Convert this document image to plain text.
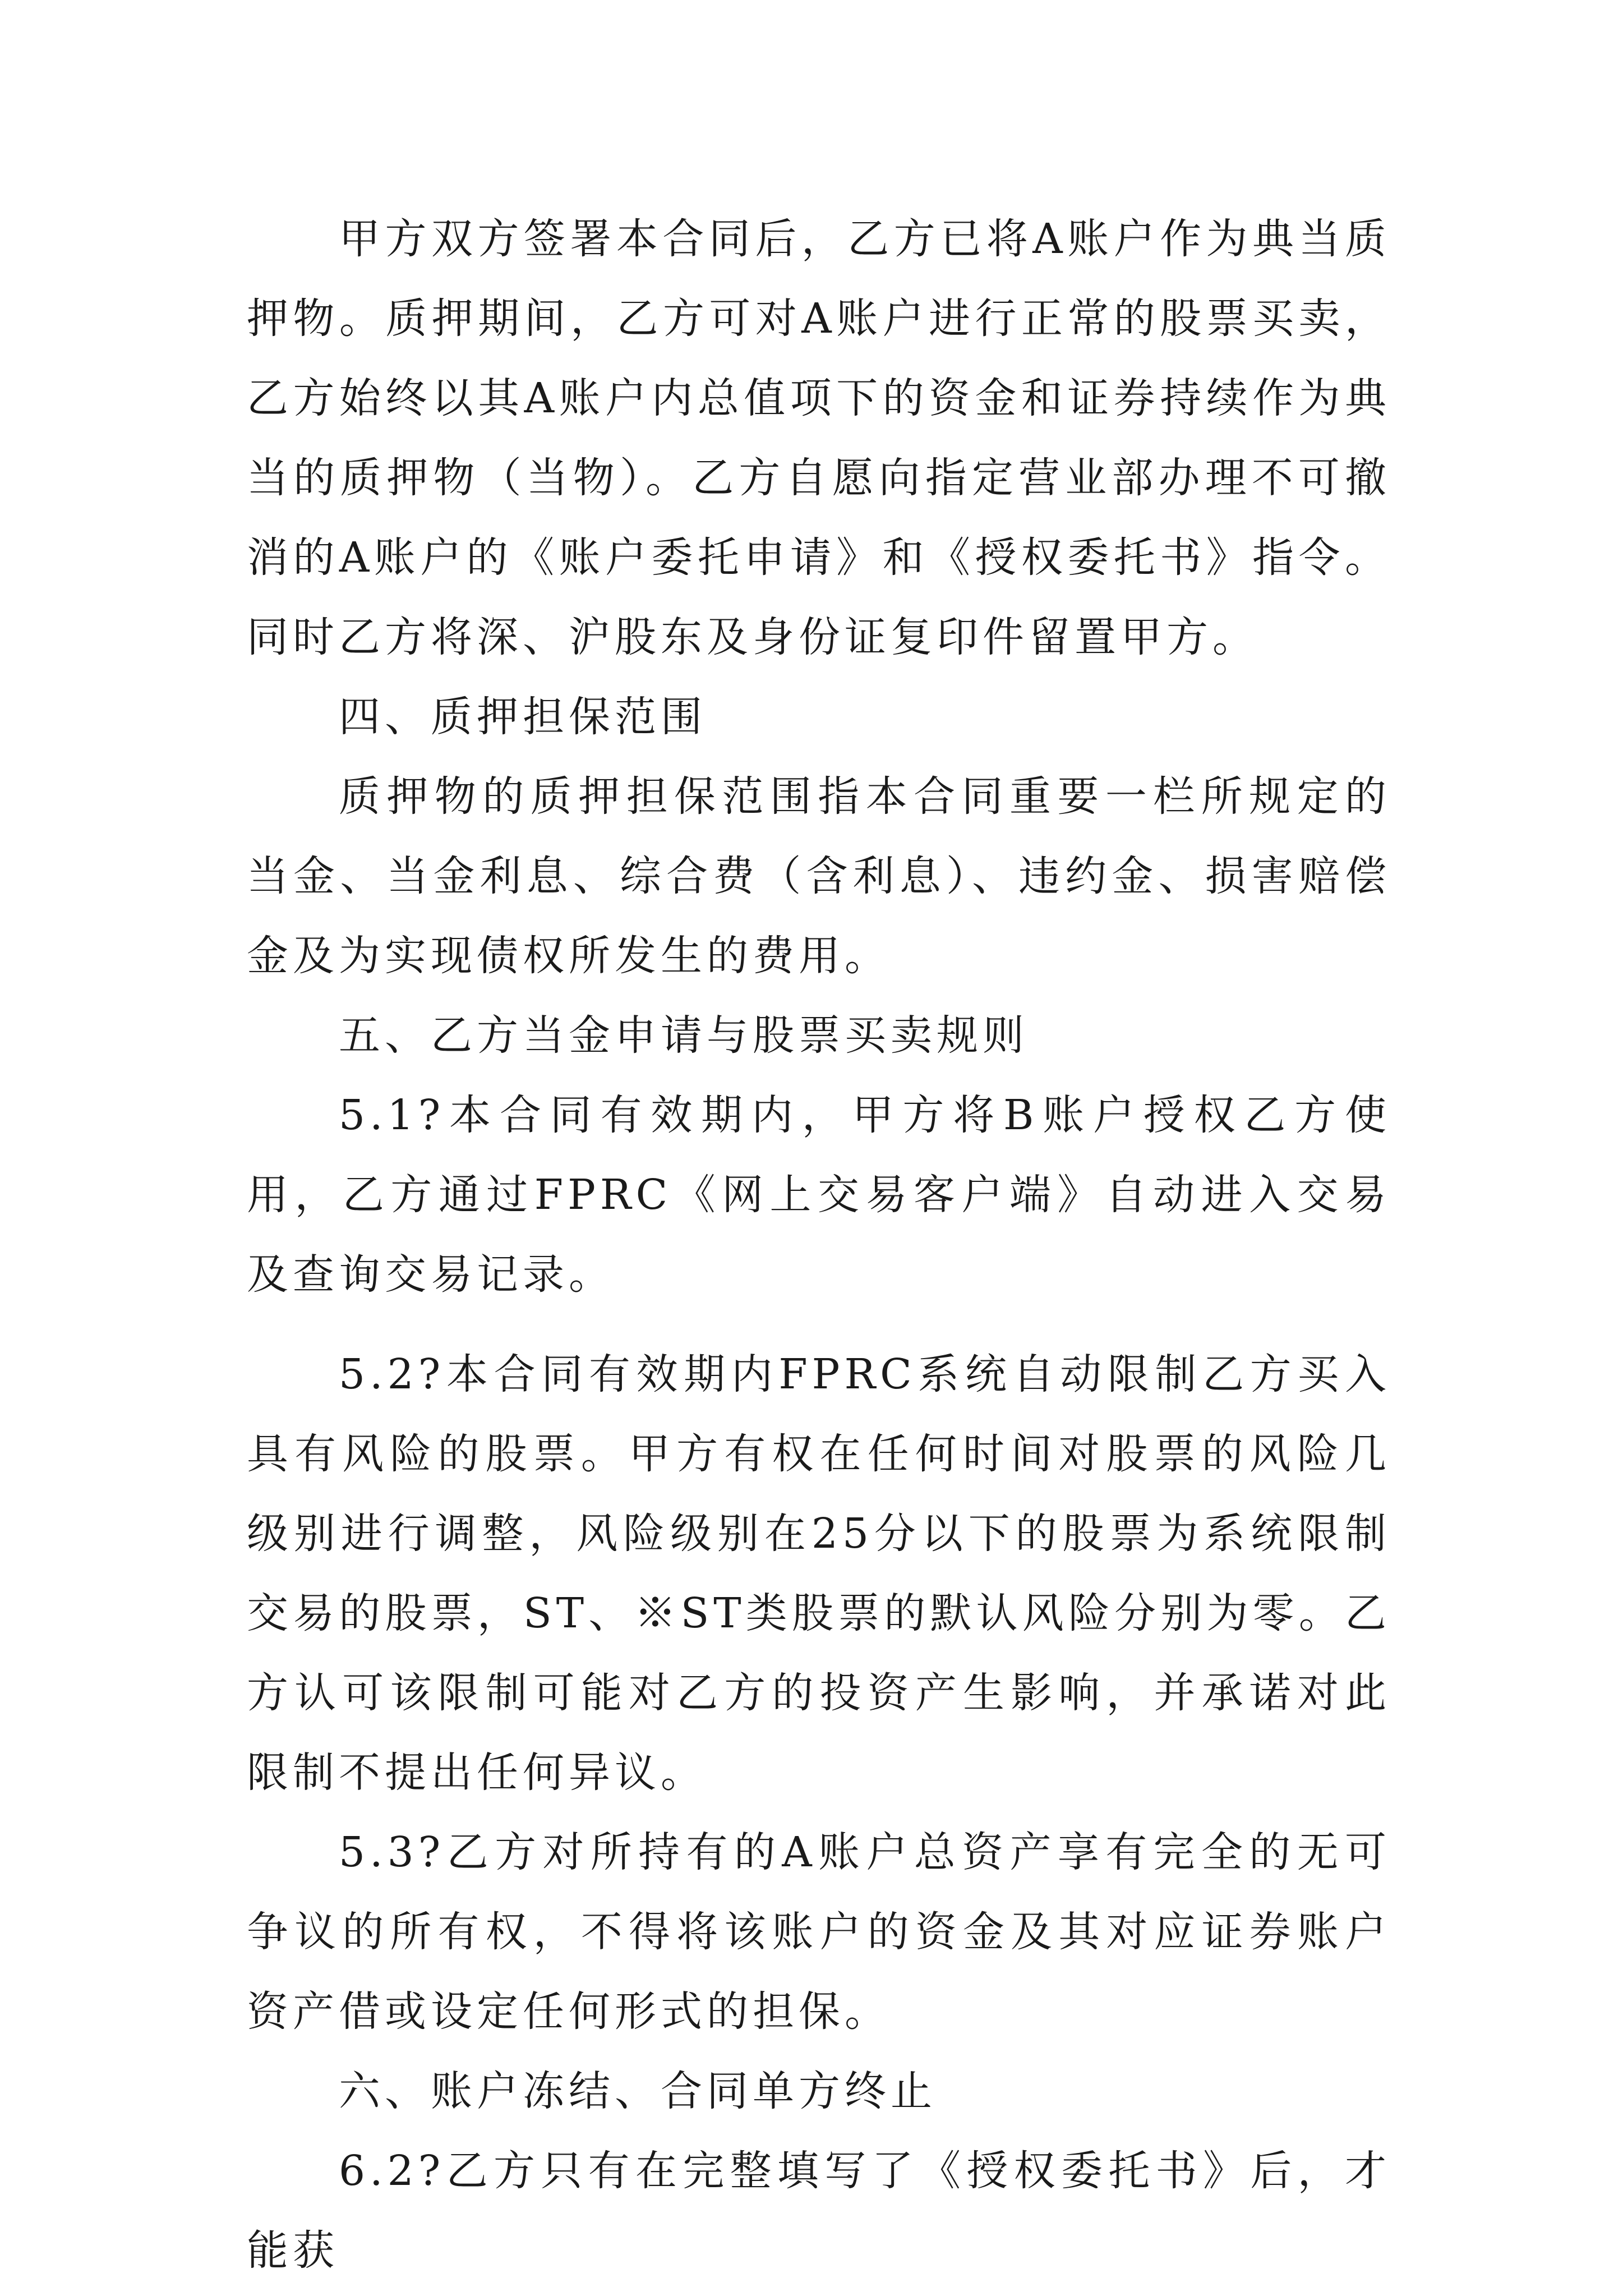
甲方双方签署本合同后，乙方已将A账户作为典当质押物。质押期间，乙方可对A账户进行正常的股票买卖，乙方始终以其A账户内总值项下的资金和证券持续作为典当的质押物（当物）。乙方自愿向指定营业部办理不可撤消的A账户的《账户委托申请》和《授权委托书》指令。同时乙方将深、沪股东及身份证复印件留置甲方。

四、质押担保范围

质押物的质押担保范围指本合同重要一栏所规定的当金、当金利息、综合费（含利息）、违约金、损害赔偿金及为实现债权所发生的费用。

五、乙方当金申请与股票买卖规则

5.1?本合同有效期内，甲方将B账户授权乙方使用，乙方通过FPRC《网上交易客户端》自动进入交易及查询交易记录。

5.2?本合同有效期内FPRC系统自动限制乙方买入具有风险的股票。甲方有权在任何时间对股票的风险几级别进行调整，风险级别在25分以下的股票为系统限制交易的股票，ST、※ST类股票的默认风险分别为零。乙方认可该限制可能对乙方的投资产生影响，并承诺对此限制不提出任何异议。

5.3?乙方对所持有的A账户总资产享有完全的无可争议的所有权，不得将该账户的资金及其对应证券账户资产借或设定任何形式的担保。

六、账户冻结、合同单方终止

6.2?乙方只有在完整填写了《授权委托书》后，才能获
